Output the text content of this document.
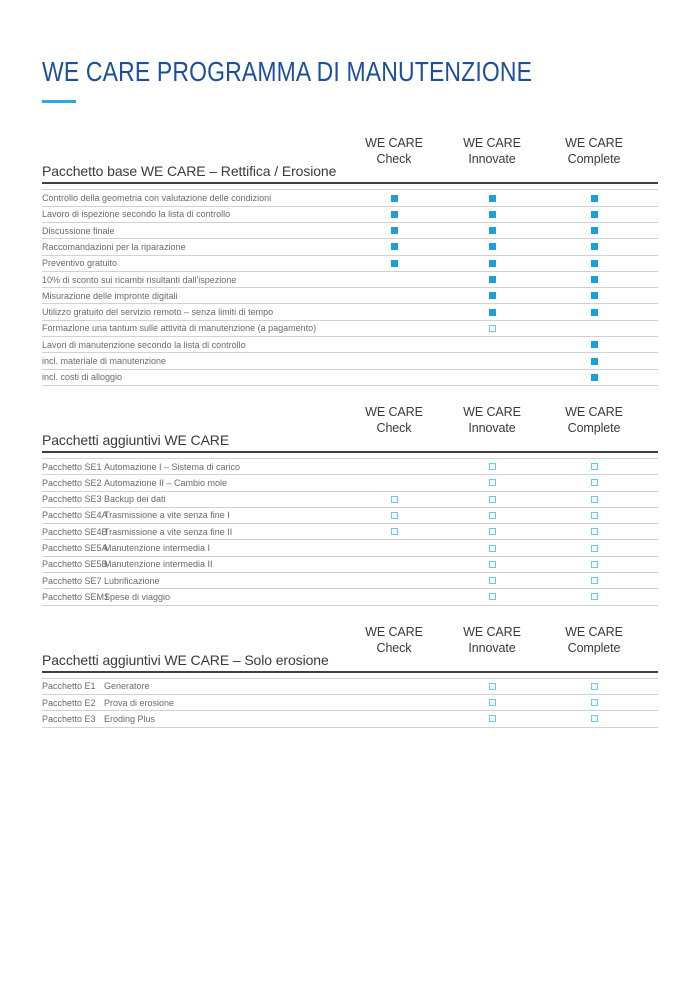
WE CARE PROGRAMMA DI MANUTENZIONE
Pacchetto base WE CARE – Rettifica / Erosione
WE CARE
Check
WE CARE
Innovate
WE CARE
Complete
Controllo della geometria con valutazione delle condizioni
Lavoro di ispezione secondo la lista di controllo
Discussione finale
Raccomandazioni per la riparazione
Preventivo gratuito
10% di sconto sui ricambi risultanti dall'ispezione
Misurazione delle impronte digitali
Utilizzo gratuito del servizio remoto – senza limiti di tempo
Formazione una tantum sulle attività di manutenzione (a pagamento)
Lavori di manutenzione secondo la lista di controllo
incl. materiale di manutenzione
incl. costi di alloggio
Pacchetti aggiuntivi WE CARE
WE CARE
Check
WE CARE
Innovate
WE CARE
Complete
Pacchetto SE1 Automazione I – Sistema di carico
Pacchetto SE2 Automazione II – Cambio mole
Pacchetto SE3 Backup dei dati
Pacchetto SE4A
Trasmissione a vite senza fine I
Pacchetto SE4B
Trasmissione a vite senza fine II
Pacchetto SE5A
Manutenzione intermedia I
Pacchetto SE5B
Manutenzione intermedia II
Pacchetto SE7 Lubrificazione
Pacchetto SEM1
Spese di viaggio
Pacchetti aggiuntivi WE CARE – Solo erosione
WE CARE
Check
WE CARE
Innovate
WE CARE
Complete
Pacchetto E1 Generatore
Pacchetto E2 Prova di erosione
Pacchetto E3 Eroding Plus
